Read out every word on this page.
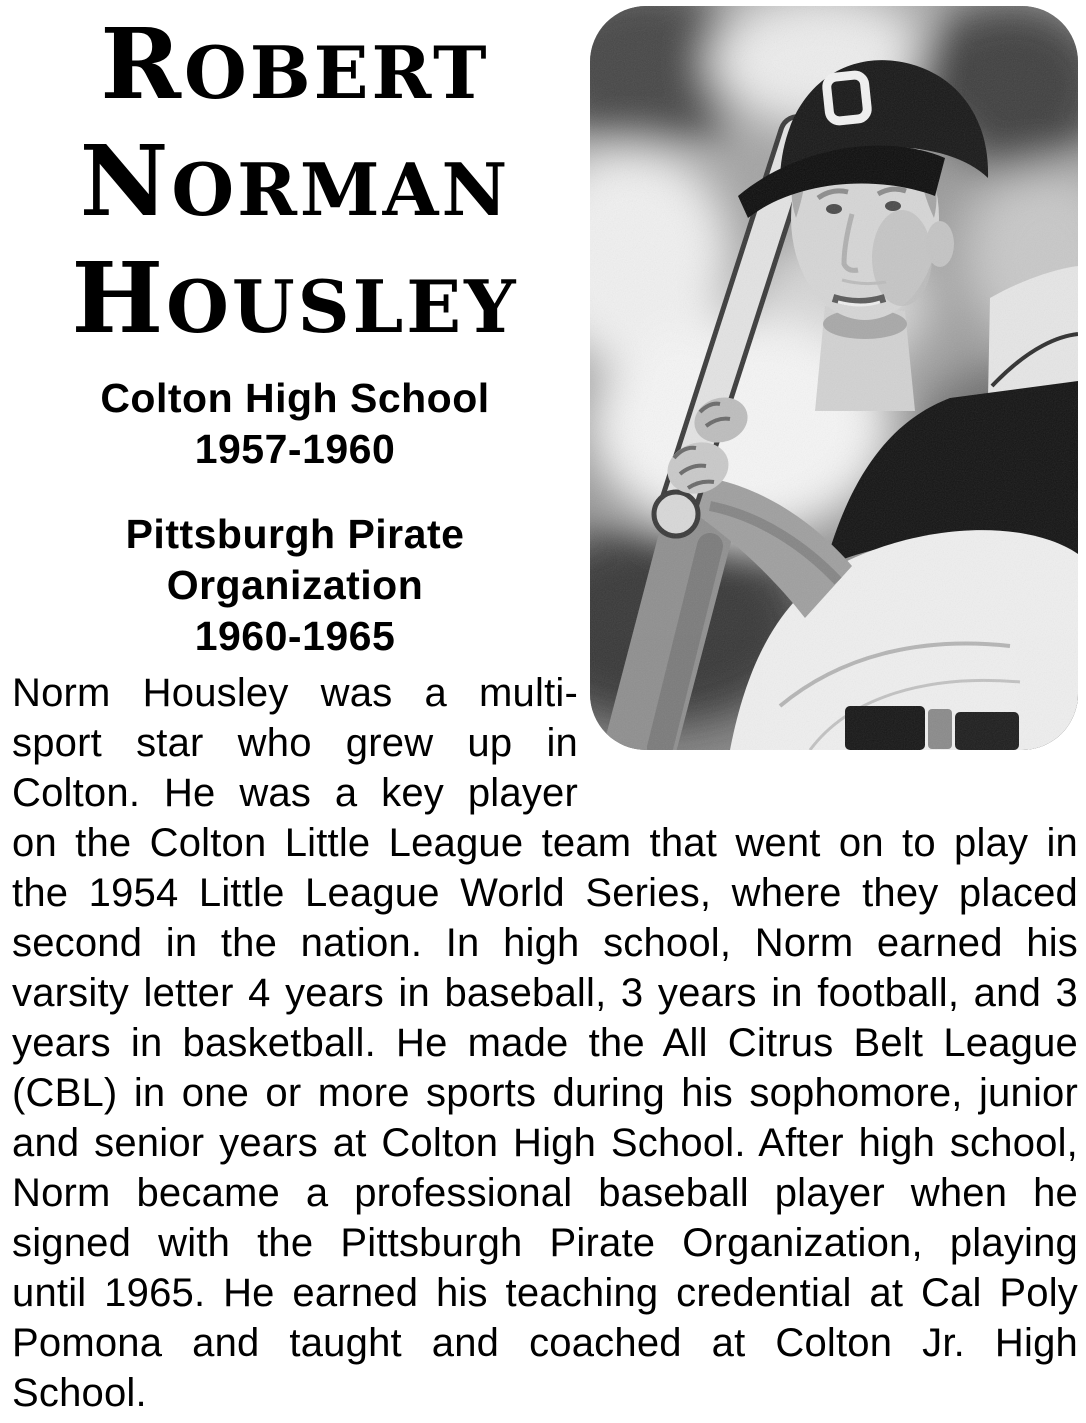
ROBERT
NORMAN
HOUSLEY
Colton High School
1957-1960
Pittsburgh Pirate
Organization
1960-1965

Norm Housley was a multi-sport star who grew up in Colton. He was a key player on the Colton Little League team that went on to play in the 1954 Little League World Series, where they placed second in the nation. In high school, Norm earned his varsity letter 4 years in baseball, 3 years in football, and 3 years in basketball. He made the All Citrus Belt League (CBL) in one or more sports during his sophomore, junior and senior years at Colton High School. After high school, Norm became a professional baseball player when he signed with the Pittsburgh Pirate Organization, playing until 1965. He earned his teaching credential at Cal Poly Pomona and taught and coached at Colton Jr. High School.
